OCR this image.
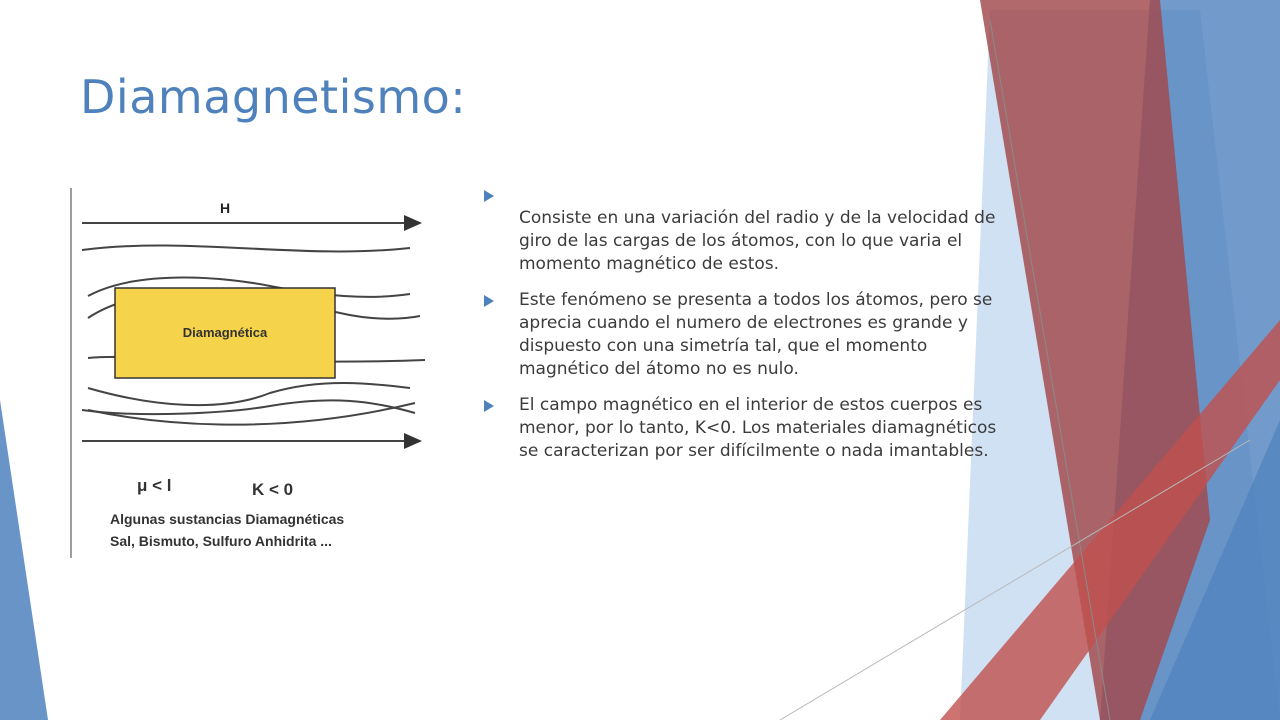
Diamagnetismo:
H
Diamagnética
μ < l	K < 0
Algunas sustancias Diamagnéticas
Sal, Bismuto, Sulfuro Anhidrita ...

Consiste en una variación del radio y de la velocidad de giro de las cargas de los átomos, con lo que varia el momento magnético de estos.
Este fenómeno se presenta a todos los átomos, pero se aprecia cuando el numero de electrones es grande y dispuesto con una simetría tal, que el momento magnético del átomo no es nulo.
El campo magnético en el interior de estos cuerpos es menor, por lo tanto, K<0. Los materiales diamagnéticos se caracterizan por ser difícilmente o nada imantables.
